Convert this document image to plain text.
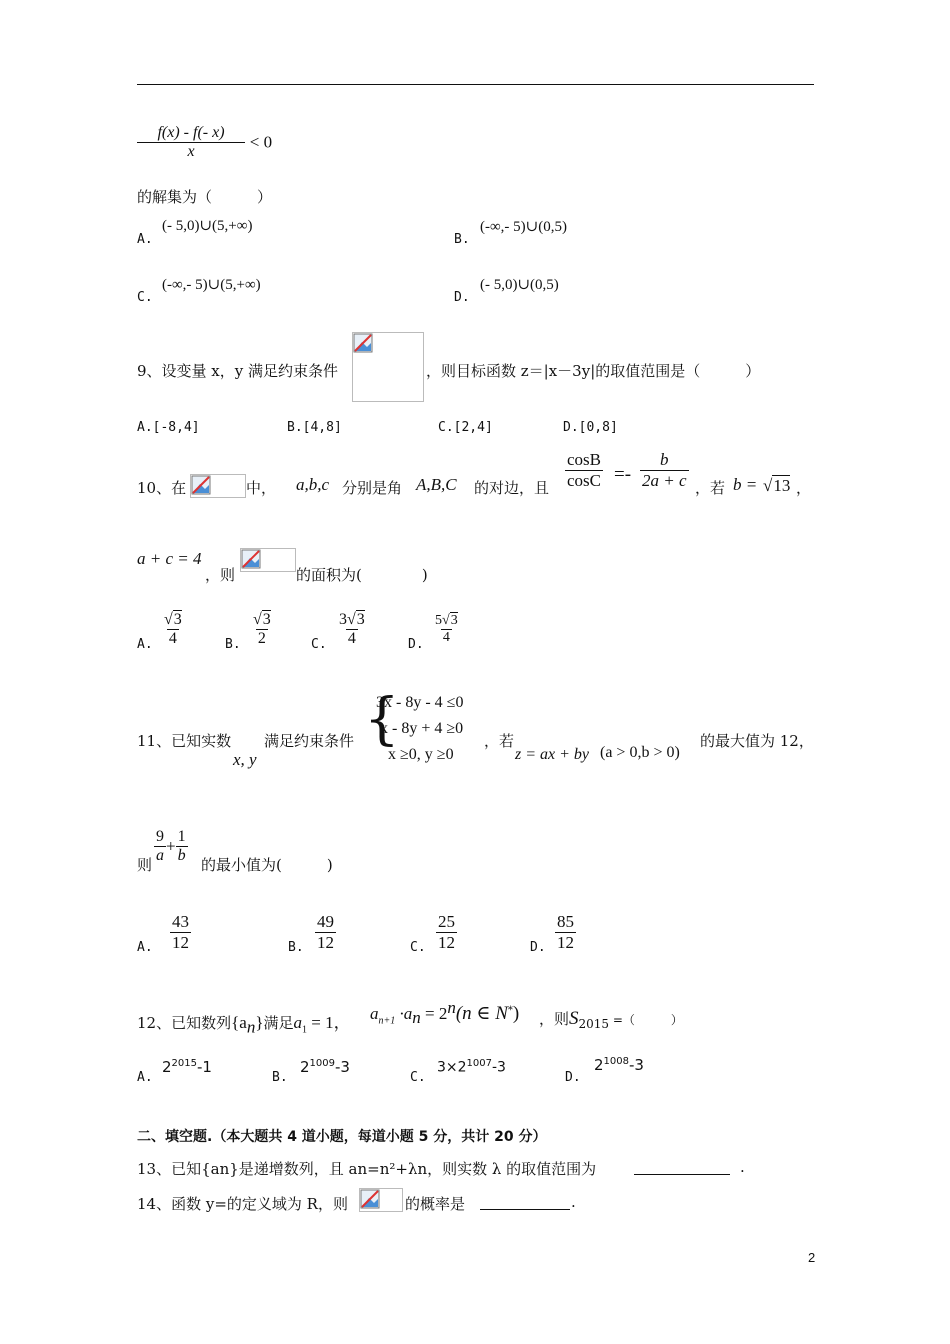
$\frac{f(x) - f(- x)}{x} < 0$
的解集为（　　　）
A.
(- 5,0)∪(5,+∞)
B.
(-∞,- 5)∪(0,5)
C.
(-∞,- 5)∪(5,+∞)
D.
(- 5,0)∪(0,5)
9、设变量 x，y 满足约束条件	，则目标函数 z＝|x－3y|的取值范围是（　　　）
A.[-8,4]	B.[4,8]	C.[2,4]	D.[0,8]
10、在	中， a,b,c 分别是角 A,B,C 的对边，且 $\frac{\cos B}{\cos C} =- \frac{b}{2a + c}$ ，若 b = √13 ，
a + c = 4
，则	的面积为(　　　　)
A. $\frac{√3}{4}$	B. $\frac{√3}{2}$	C. $\frac{3√3}{4}$	D. $\frac{5√3}{4}$
11、已知实数
x, y
满足约束条件 {
3x - 8y - 4 ≤0
x - 8y + 4 ≥0
x ≥0, y ≥0
，若
z = ax + by (a > 0,b > 0)
的最大值为 12，
则 $\frac{9}{a} + \frac{1}{b}$ 的最小值为(　　　)
A. $\frac{43}{12}$	B. $\frac{49}{12}$	C. $\frac{25}{12}$	D. $\frac{85}{12}$
12、已知数列$\{a_n\}$满足$a_1 = 1$， $a_{n+1} \cdot a_n = 2^n(n$ ∈ N*) ，则$S_{2015}$ =（　　　）
A.
$2^{2015}-1$
B.
$2^{1009}-3$
C.
$3\times 2^{1007}-3$
D.
$2^{1008}-3$
二、填空题.（本大题共 4 道小题，每道小题 5 分，共计 20 分）
13、已知{an}是递增数列，且 an=n²+λn，则实数 λ 的取值范围为	.
14、函数 y=的定义域为 R，则	的概率是	.
2
